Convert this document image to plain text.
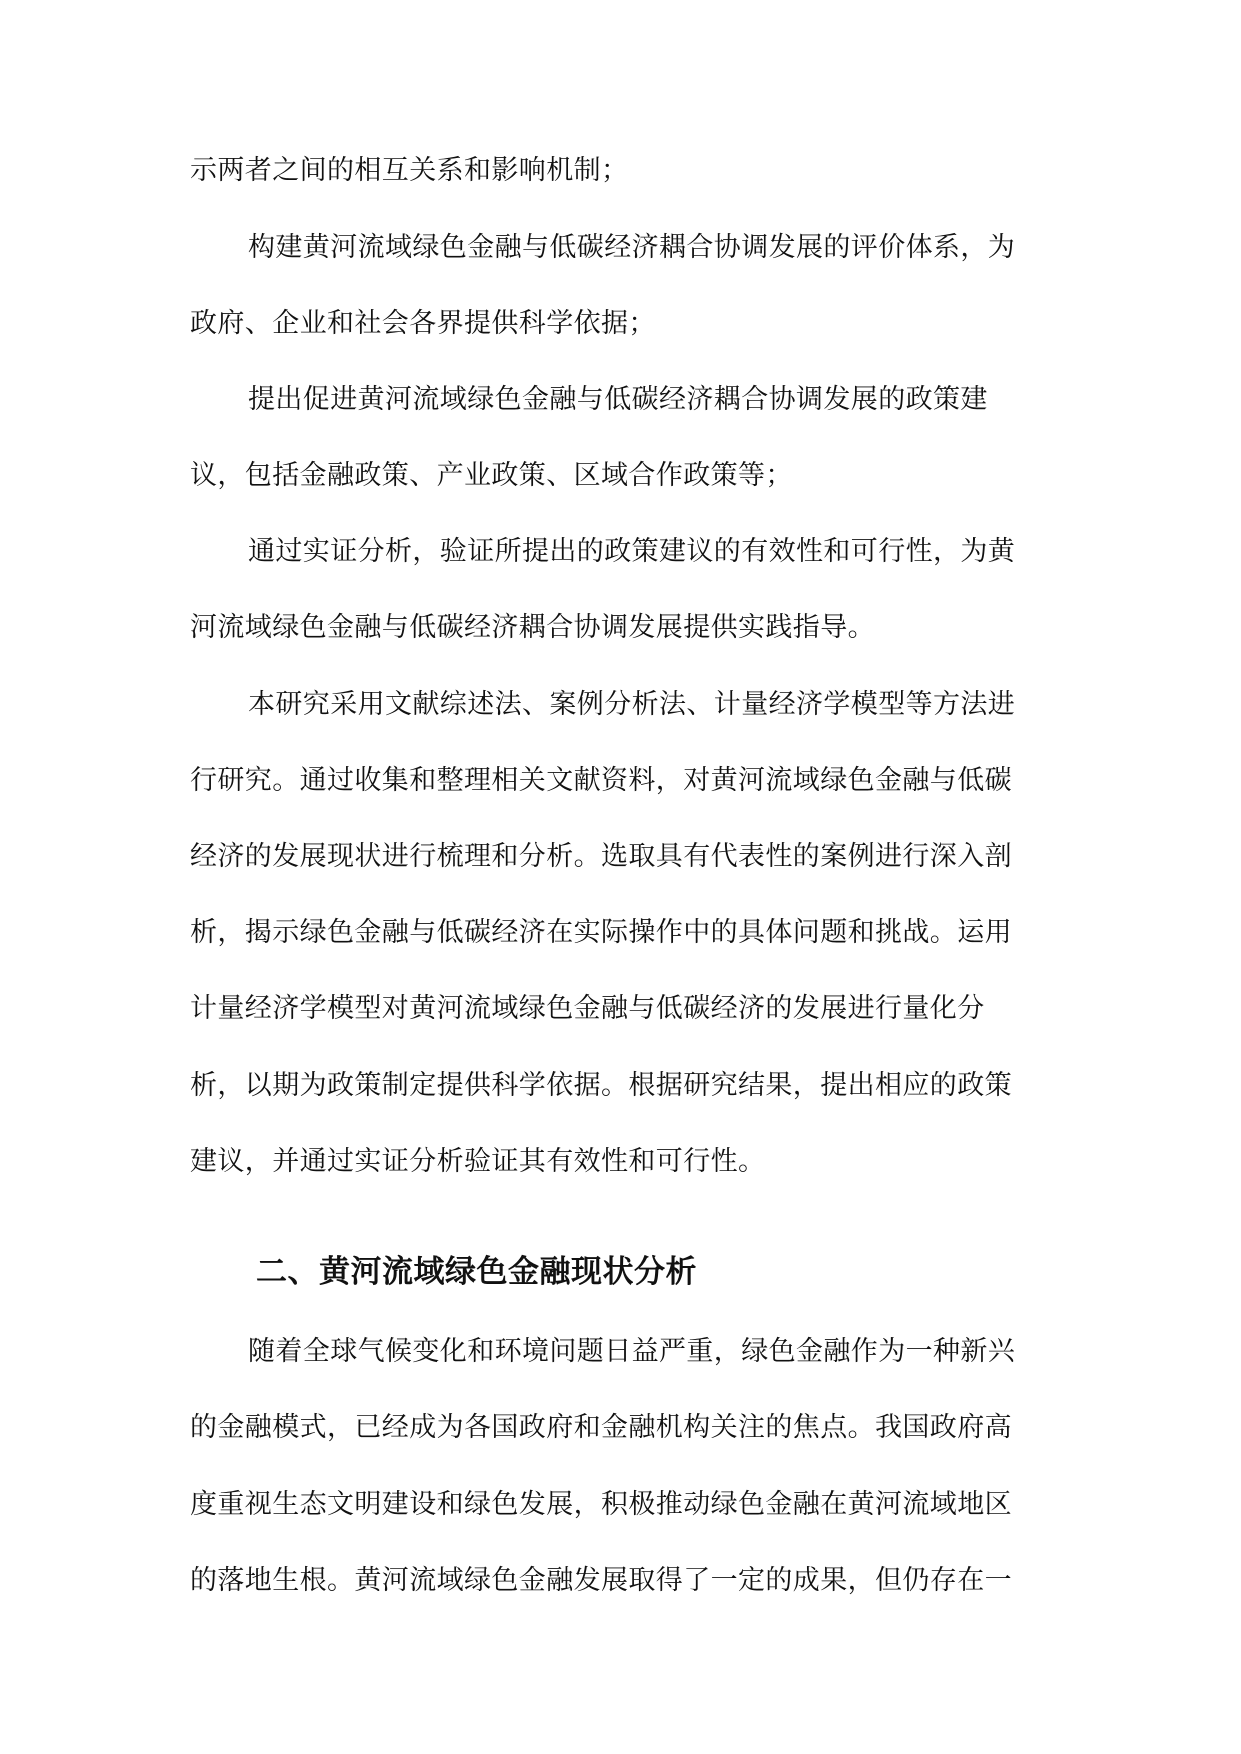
示两者之间的相互关系和影响机制；
构建黄河流域绿色金融与低碳经济耦合协调发展的评价体系，为
政府、企业和社会各界提供科学依据；
提出促进黄河流域绿色金融与低碳经济耦合协调发展的政策建
议，包括金融政策、产业政策、区域合作政策等；
通过实证分析，验证所提出的政策建议的有效性和可行性，为黄
河流域绿色金融与低碳经济耦合协调发展提供实践指导。
本研究采用文献综述法、案例分析法、计量经济学模型等方法进
行研究。通过收集和整理相关文献资料，对黄河流域绿色金融与低碳
经济的发展现状进行梳理和分析。选取具有代表性的案例进行深入剖
析，揭示绿色金融与低碳经济在实际操作中的具体问题和挑战。运用
计量经济学模型对黄河流域绿色金融与低碳经济的发展进行量化分
析，以期为政策制定提供科学依据。根据研究结果，提出相应的政策
建议，并通过实证分析验证其有效性和可行性。
二、黄河流域绿色金融现状分析
随着全球气候变化和环境问题日益严重，绿色金融作为一种新兴
的金融模式，已经成为各国政府和金融机构关注的焦点。我国政府高
度重视生态文明建设和绿色发展，积极推动绿色金融在黄河流域地区
的落地生根。黄河流域绿色金融发展取得了一定的成果，但仍存在一
